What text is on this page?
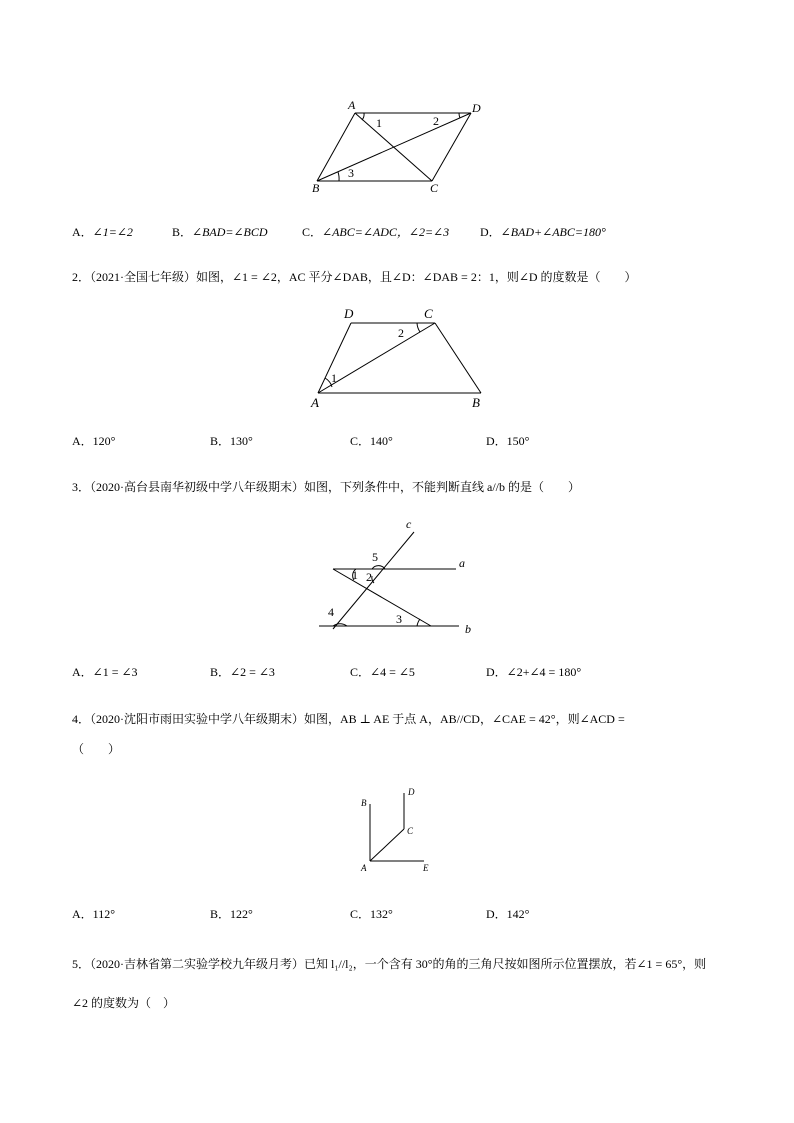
A	D
B	C
1	2
3
A．∠1=∠2	B．∠BAD=∠BCD	C．∠ABC=∠ADC，∠2=∠3	D．∠BAD+∠ABC=180°
2．（2021·全国七年级）如图，∠1 = ∠2，AC 平分∠DAB，且∠D：∠DAB = 2：1，则∠D 的度数是（　　）
D	C
A	B
1
2
A．120°	B．130°	C．140°	D．150°
3．（2020·高台县南华初级中学八年级期末）如图，下列条件中，不能判断直线 a//b 的是（　　）
c
a
b
1 2
3
4
5
A．∠1 = ∠3	B．∠2 = ∠3	C．∠4 = ∠5	D．∠2+∠4 = 180°
4．（2020·沈阳市雨田实验中学八年级期末）如图，AB ⊥ AE 于点 A，AB//CD，∠CAE = 42°，则∠ACD =
（　　）
B
D
C
A	E
A．112°	B．122°	C．132°	D．142°
5．（2020·吉林省第二实验学校九年级月考）已知 l₁//l₂，一个含有 30°的角的三角尺按如图所示位置摆放，若∠1 = 65°，则
∠2 的度数为（　）
